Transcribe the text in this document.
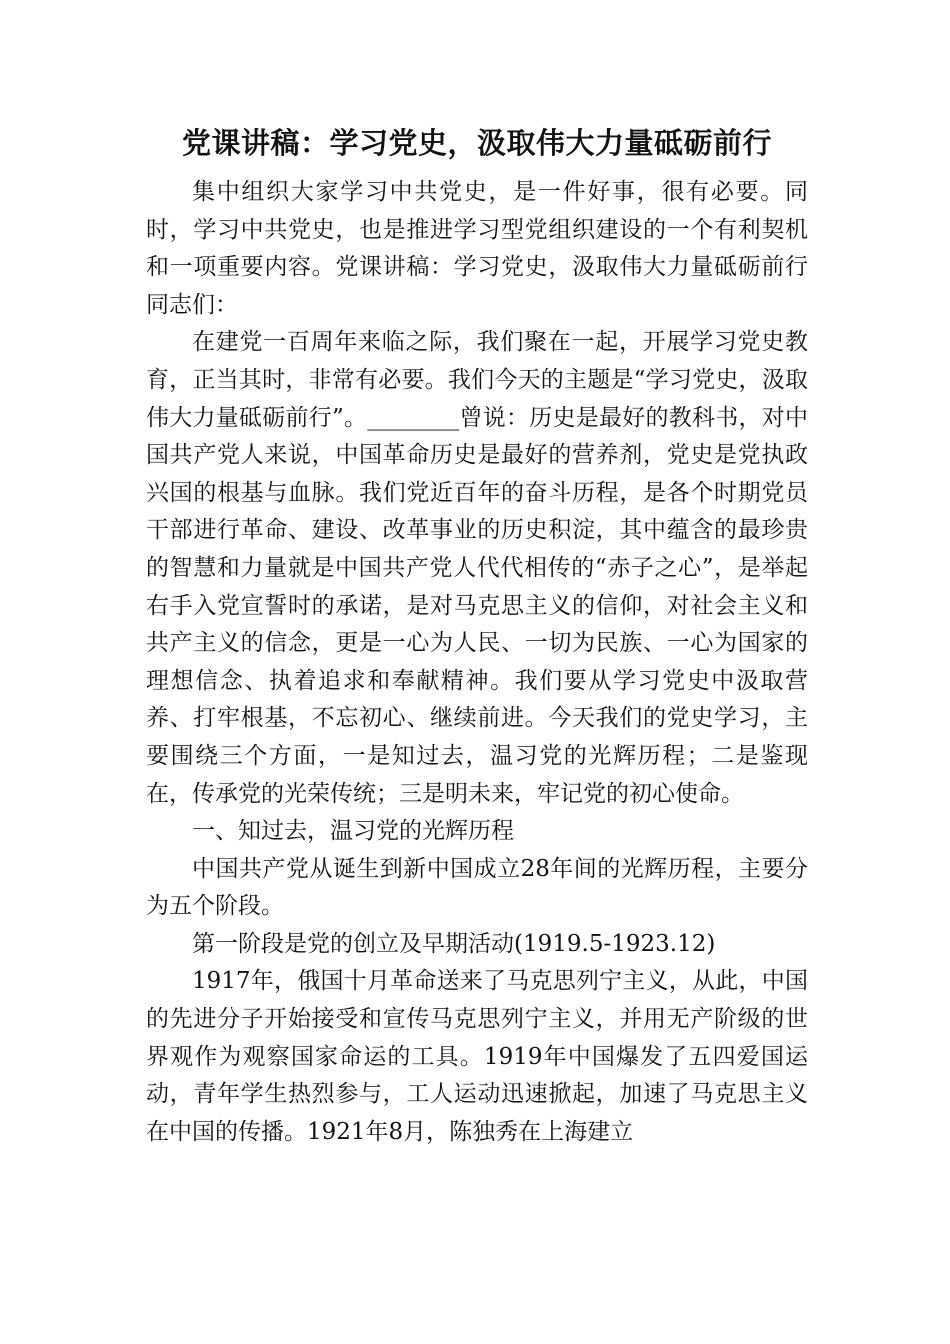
党课讲稿：学习党史，汲取伟大力量砥砺前行

集中组织大家学习中共党史，是一件好事，很有必要。同时，学习中共党史，也是推进学习型党组织建设的一个有利契机和一项重要内容。党课讲稿：学习党史，汲取伟大力量砥砺前行同志们：

在建党一百周年来临之际，我们聚在一起，开展学习党史教育，正当其时，非常有必要。我们今天的主题是“学习党史，汲取伟大力量砥砺前行”。________曾说：历史是最好的教科书，对中国共产党人来说，中国革命历史是最好的营养剂，党史是党执政兴国的根基与血脉。我们党近百年的奋斗历程，是各个时期党员干部进行革命、建设、改革事业的历史积淀，其中蕴含的最珍贵的智慧和力量就是中国共产党人代代相传的“赤子之心”，是举起右手入党宣誓时的承诺，是对马克思主义的信仰，对社会主义和共产主义的信念，更是一心为人民、一切为民族、一心为国家的理想信念、执着追求和奉献精神。我们要从学习党史中汲取营养、打牢根基，不忘初心、继续前进。今天我们的党史学习，主要围绕三个方面，一是知过去，温习党的光辉历程；二是鉴现在，传承党的光荣传统；三是明未来，牢记党的初心使命。

一、知过去，温习党的光辉历程

中国共产党从诞生到新中国成立28年间的光辉历程，主要分为五个阶段。

第一阶段是党的创立及早期活动(1919.5-1923.12)

1917年，俄国十月革命送来了马克思列宁主义，从此，中国的先进分子开始接受和宣传马克思列宁主义，并用无产阶级的世界观作为观察国家命运的工具。1919年中国爆发了五四爱国运动，青年学生热烈参与，工人运动迅速掀起，加速了马克思主义在中国的传播。1921年8月，陈独秀在上海建立
